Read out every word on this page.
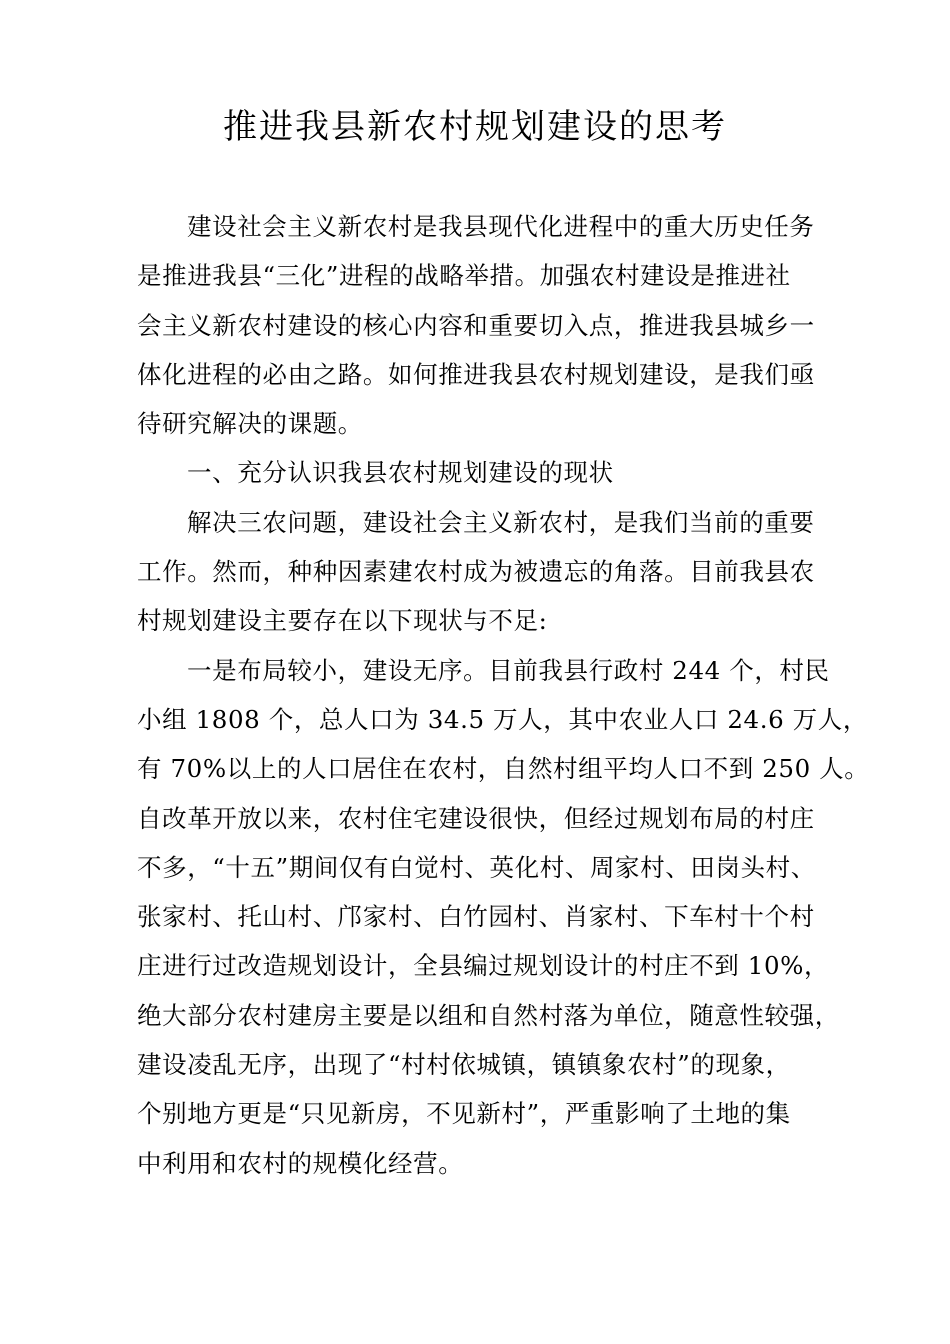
推进我县新农村规划建设的思考
建设社会主义新农村是我县现代化进程中的重大历史任务
是推进我县“三化”进程的战略举措。加强农村建设是推进社
会主义新农村建设的核心内容和重要切入点，推进我县城乡一
体化进程的必由之路。如何推进我县农村规划建设，是我们亟
待研究解决的课题。
一、充分认识我县农村规划建设的现状
解决三农问题，建设社会主义新农村，是我们当前的重要
工作。然而，种种因素建农村成为被遗忘的角落。目前我县农
村规划建设主要存在以下现状与不足:
一是布局较小，建设无序。目前我县行政村 244 个，村民
小组 1808 个，总人口为 34.5 万人，其中农业人口 24.6 万人，
有 70%以上的人口居住在农村，自然村组平均人口不到 250 人。
自改革开放以来，农村住宅建设很快，但经过规划布局的村庄
不多，“十五”期间仅有白觉村、英化村、周家村、田岗头村、
张家村、托山村、邝家村、白竹园村、肖家村、下车村十个村
庄进行过改造规划设计，全县编过规划设计的村庄不到 10%，
绝大部分农村建房主要是以组和自然村落为单位，随意性较强，
建设凌乱无序，出现了“村村依城镇，镇镇象农村”的现象，
个别地方更是“只见新房，不见新村”，严重影响了土地的集
中利用和农村的规模化经营。
